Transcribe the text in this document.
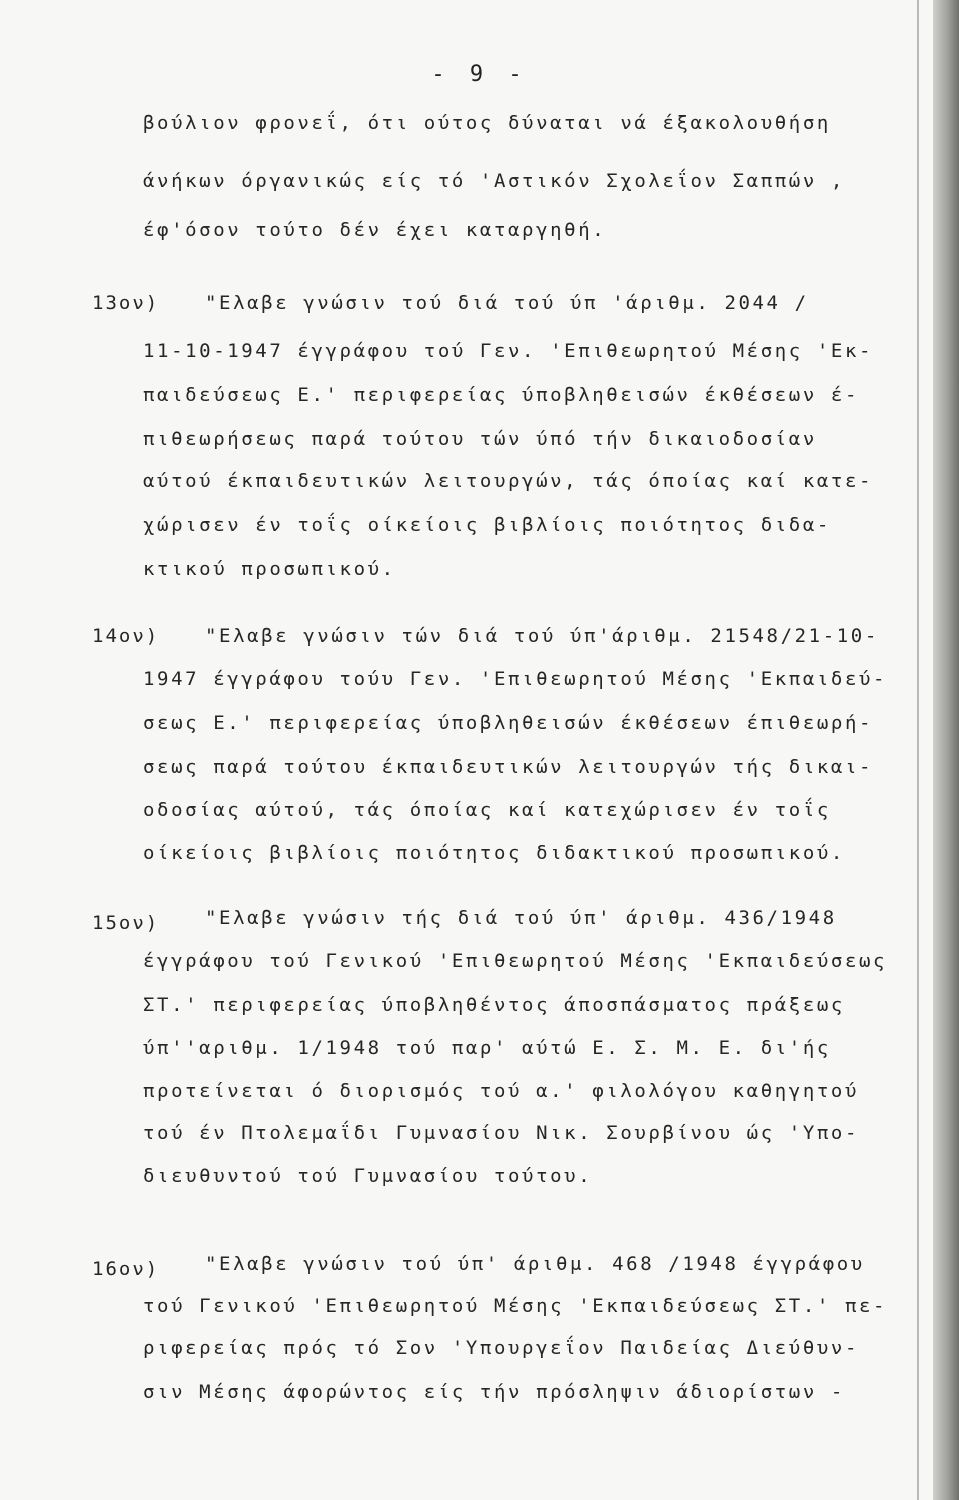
- 9 -
βούλιον φρονεΐ, ότι ούτος δύναται νά έξακολουθήση
άνήκων όργανικώς είς τό 'Αστικόν Σχολεΐον Σαππών ,
έφ'όσον τούτο δέν έχει καταργηθή.
13ον) "Ελαβε γνώσιν τού διά τού ύπ 'άριθμ. 2044 /
11-10-1947 έγγράφου τού Γεν. 'Επιθεωρητού Μέσης 'Εκ-
παιδεύσεως Ε.' περιφερείας ύποβληθεισών έκθέσεων έ-
πιθεωρήσεως παρά τούτου τών ύπό τήν δικαιοδοσίαν
αύτού έκπαιδευτικών λειτουργών, τάς όποίας καί κατε-
χώρισεν έν τοΐς οίκείοις βιβλίοις ποιότητος διδα-
κτικού προσωπικού.
14ον) "Ελαβε γνώσιν τών διά τού ύπ'άριθμ. 21548/21-10-
1947 έγγράφου τούυ Γεν. 'Επιθεωρητού Μέσης 'Εκπαιδεύ-
σεως Ε.' περιφερείας ύποβληθεισών έκθέσεων έπιθεωρή-
σεως παρά τούτου έκπαιδευτικών λειτουργών τής δικαι-
οδοσίας αύτού, τάς όποίας καί κατεχώρισεν έν τοΐς
οίκείοις βιβλίοις ποιότητος διδακτικού προσωπικού.
15ον) "Ελαβε γνώσιν τής διά τού ύπ' άριθμ. 436/1948
έγγράφου τού Γενικού 'Επιθεωρητού Μέσης 'Εκπαιδεύσεως
ΣΤ.' περιφερείας ύποβληθέντος άποσπάσματος πράξεως
ύπ''αριθμ. 1/1948 τού παρ' αύτώ Ε. Σ. Μ. Ε. δι'ής
προτείνεται ό διορισμός τού α.' φιλολόγου καθηγητού
τού έν Πτολεμαΐδι Γυμνασίου Νικ. Σουρβίνου ώς 'Υπο-
διευθυντού τού Γυμνασίου τούτου.
16ον) "Ελαβε γνώσιν τού ύπ' άριθμ. 468 /1948 έγγράφου
τού Γενικού 'Επιθεωρητού Μέσης 'Εκπαιδεύσεως ΣΤ.' πε-
ριφερείας πρός τό Σον 'Υπουργεΐον Παιδείας Διεύθυν-
σιν Μέσης άφορώντος είς τήν πρόσληψιν άδιορίστων -
